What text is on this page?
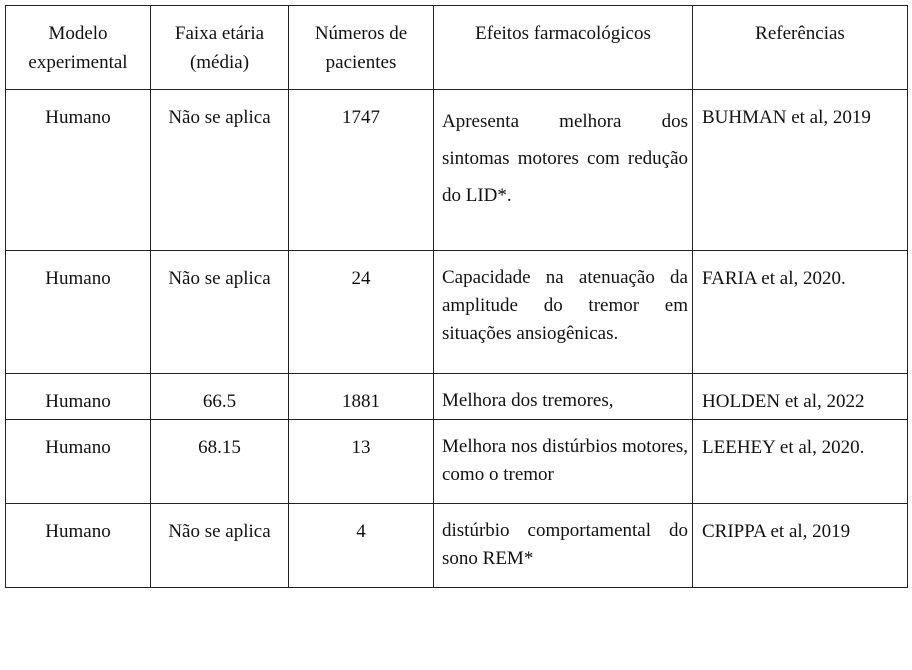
Modelo experimental	Faixa etária (média)	Números de pacientes	Efeitos farmacológicos	Referências
Humano	Não se aplica	1747	Apresenta melhora dos sintomas motores com redução do LID*.	BUHMAN et al, 2019
Humano	Não se aplica	24	Capacidade na atenuação da amplitude do tremor em situações ansiogênicas.	FARIA et al, 2020.
Humano	66.5	1881	Melhora dos tremores,	HOLDEN et al, 2022
Humano	68.15	13	Melhora nos distúrbios motores, como o tremor	LEEHEY et al, 2020.
Humano	Não se aplica	4	distúrbio comportamental do sono REM*	CRIPPA et al, 2019
